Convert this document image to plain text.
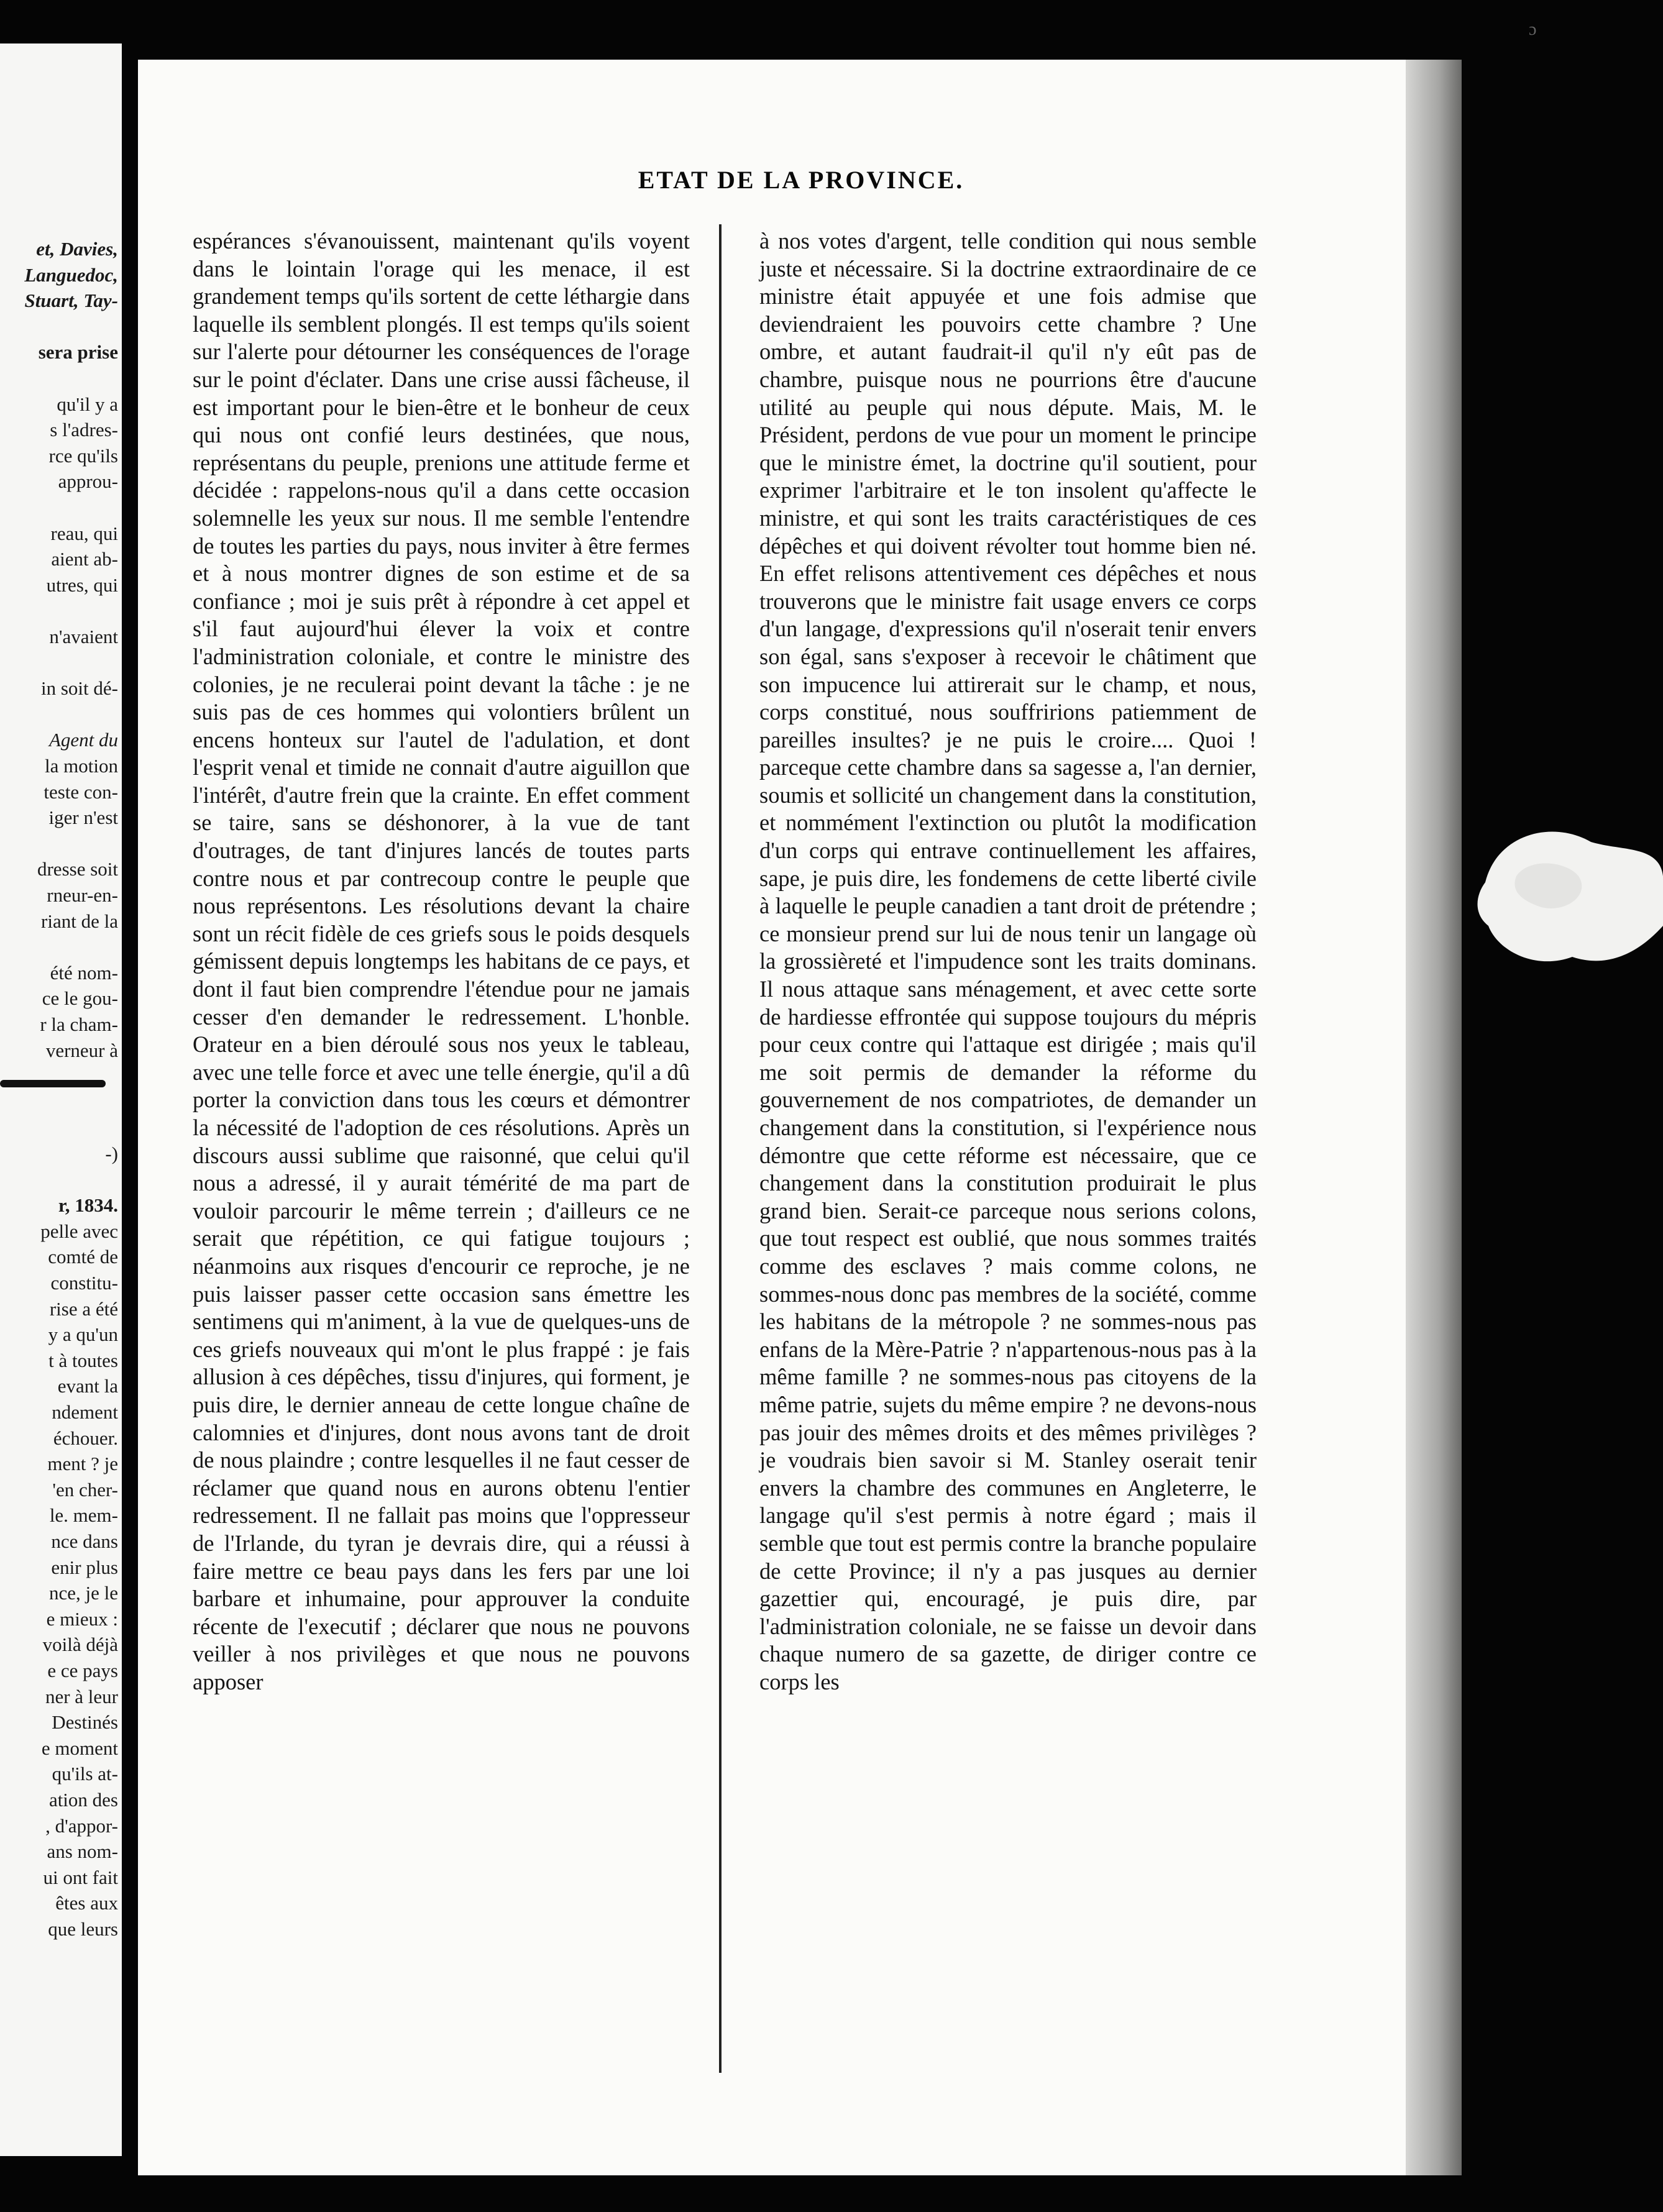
et, Davies,
Languedoc,
Stuart, Tay-
sera prise
qu'il y a
s l'adres-
rce qu'ils
approu-
reau, qui
aient ab-
utres, qui
n'avaient
in soit dé-
Agent du
la motion
teste con-
iger n'est
dresse soit
rneur-en-
riant de la
été nom-
ce le gou-
r la cham-
verneur à
-)
r, 1834.
pelle avec
comté de
constitu-
rise a été
y a qu'un
t à toutes
evant la
ndement
échouer.
ment ? je
'en cher-
le. mem-
nce dans
enir plus
nce, je le
e mieux :
voilà déjà
e ce pays
ner à leur
Destinés
e moment
qu'ils at-
ation des
, d'appor-
ans nom-
ui ont fait
êtes aux
que leurs
ETAT DE LA PROVINCE.

espérances s'évanouissent, maintenant qu'ils voyent dans le lointain l'orage qui les menace, il est grandement temps qu'ils sortent de cette léthargie dans laquelle ils semblent plongés. Il est temps qu'ils soient sur l'alerte pour détourner les conséquences de l'orage sur le point d'éclater. Dans une crise aussi fâcheuse, il est important pour le bien-être et le bonheur de ceux qui nous ont confié leurs destinées, que nous, représentans du peuple, prenions une attitude ferme et décidée : rappelons-nous qu'il a dans cette occasion solemnelle les yeux sur nous. Il me semble l'entendre de toutes les parties du pays, nous inviter à être fermes et à nous montrer dignes de son estime et de sa confiance ; moi je suis prêt à répondre à cet appel et s'il faut aujourd'hui élever la voix et contre l'administration coloniale, et contre le ministre des colonies, je ne reculerai point devant la tâche : je ne suis pas de ces hommes qui volontiers brûlent un encens honteux sur l'autel de l'adulation, et dont l'esprit venal et timide ne connait d'autre aiguillon que l'intérêt, d'autre frein que la crainte. En effet comment se taire, sans se déshonorer, à la vue de tant d'outrages, de tant d'injures lancés de toutes parts contre nous et par contrecoup contre le peuple que nous représentons. Les résolutions devant la chaire sont un récit fidèle de ces griefs sous le poids desquels gémissent depuis longtemps les habitans de ce pays, et dont il faut bien comprendre l'étendue pour ne jamais cesser d'en demander le redressement. L'honble. Orateur en a bien déroulé sous nos yeux le tableau, avec une telle force et avec une telle énergie, qu'il a dû porter la conviction dans tous les cœurs et démontrer la nécessité de l'adoption de ces résolutions. Après un discours aussi sublime que raisonné, que celui qu'il nous a adressé, il y aurait témérité de ma part de vouloir parcourir le même terrein ; d'ailleurs ce ne serait que répétition, ce qui fatigue toujours ; néanmoins aux risques d'encourir ce reproche, je ne puis laisser passer cette occasion sans émettre les sentimens qui m'animent, à la vue de quelques-uns de ces griefs nouveaux qui m'ont le plus frappé : je fais allusion à ces dépêches, tissu d'injures, qui forment, je puis dire, le dernier anneau de cette longue chaîne de calomnies et d'injures, dont nous avons tant de droit de nous plaindre ; contre lesquelles il ne faut cesser de réclamer que quand nous en aurons obtenu l'entier redressement. Il ne fallait pas moins que l'oppresseur de l'Irlande, du tyran je devrais dire, qui a réussi à faire mettre ce beau pays dans les fers par une loi barbare et inhumaine, pour approuver la conduite récente de l'executif ; déclarer que nous ne pouvons veiller à nos privilèges et que nous ne pouvons apposer

à nos votes d'argent, telle condition qui nous semble juste et nécessaire. Si la doctrine extraordinaire de ce ministre était appuyée et une fois admise que deviendraient les pouvoirs cette chambre ? Une ombre, et autant faudrait-il qu'il n'y eût pas de chambre, puisque nous ne pourrions être d'aucune utilité au peuple qui nous députe. Mais, M. le Président, perdons de vue pour un moment le principe que le ministre émet, la doctrine qu'il soutient, pour exprimer l'arbitraire et le ton insolent qu'affecte le ministre, et qui sont les traits caractéristiques de ces dépêches et qui doivent révolter tout homme bien né. En effet relisons attentivement ces dépêches et nous trouverons que le ministre fait usage envers ce corps d'un langage, d'expressions qu'il n'oserait tenir envers son égal, sans s'exposer à recevoir le châtiment que son impucence lui attirerait sur le champ, et nous, corps constitué, nous souffririons patiemment de pareilles insultes? je ne puis le croire.... Quoi ! parceque cette chambre dans sa sagesse a, l'an dernier, soumis et sollicité un changement dans la constitution, et nommément l'extinction ou plutôt la modification d'un corps qui entrave continuellement les affaires, sape, je puis dire, les fondemens de cette liberté civile à laquelle le peuple canadien a tant droit de prétendre ; ce monsieur prend sur lui de nous tenir un langage où la grossièreté et l'impudence sont les traits dominans. Il nous attaque sans ménagement, et avec cette sorte de hardiesse effrontée qui suppose toujours du mépris pour ceux contre qui l'attaque est dirigée ; mais qu'il me soit permis de demander la réforme du gouvernement de nos compatriotes, de demander un changement dans la constitution, si l'expérience nous démontre que cette réforme est nécessaire, que ce changement dans la constitution produirait le plus grand bien. Serait-ce parceque nous serions colons, que tout respect est oublié, que nous sommes traités comme des esclaves ? mais comme colons, ne sommes-nous donc pas membres de la société, comme les habitans de la métropole ? ne sommes-nous pas enfans de la Mère-Patrie ? n'appartenous-nous pas à la même famille ? ne sommes-nous pas citoyens de la même patrie, sujets du même empire ? ne devons-nous pas jouir des mêmes droits et des mêmes privilèges ? je voudrais bien savoir si M. Stanley oserait tenir envers la chambre des communes en Angleterre, le langage qu'il s'est permis à notre égard ; mais il semble que tout est permis contre la branche populaire de cette Province; il n'y a pas jusques au dernier gazettier qui, encouragé, je puis dire, par l'administration coloniale, ne se faisse un devoir dans chaque numero de sa gazette, de diriger contre ce corps les

ɔ
